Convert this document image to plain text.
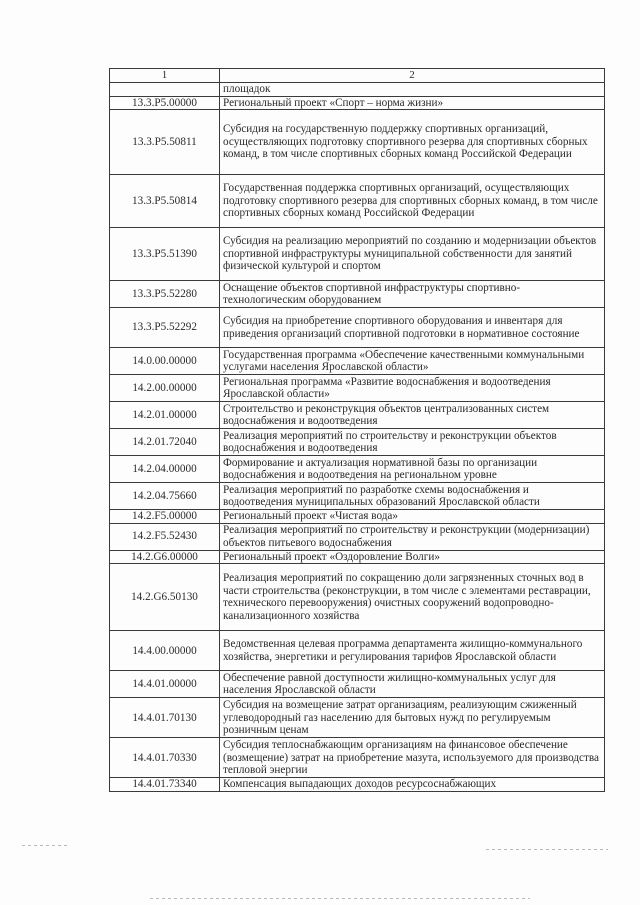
1	2
	площадок
13.3.P5.00000	Региональный проект «Спорт – норма жизни»
13.3.P5.50811	Субсидия на государственную поддержку спортивных организаций, осуществляющих подготовку спортивного резерва для спортивных сборных команд, в том числе спортивных сборных команд Российской Федерации
13.3.P5.50814	Государственная поддержка спортивных организаций, осуществляющих подготовку спортивного резерва для спортивных сборных команд, в том числе спортивных сборных команд Российской Федерации
13.3.P5.51390	Субсидия на реализацию мероприятий по созданию и модернизации объектов спортивной инфраструктуры муниципальной собственности для занятий физической культурой и спортом
13.3.P5.52280	Оснащение объектов спортивной инфраструктуры спортивно-технологическим оборудованием
13.3.P5.52292	Субсидия на приобретение спортивного оборудования и инвентаря для приведения организаций спортивной подготовки в нормативное состояние
14.0.00.00000	Государственная программа «Обеспечение качественными коммунальными услугами населения Ярославской области»
14.2.00.00000	Региональная программа «Развитие водоснабжения и водоотведения Ярославской области»
14.2.01.00000	Строительство и реконструкция объектов централизованных систем водоснабжения и водоотведения
14.2.01.72040	Реализация мероприятий по строительству и реконструкции объектов водоснабжения и водоотведения
14.2.04.00000	Формирование и актуализация нормативной базы по организации водоснабжения и водоотведения на региональном уровне
14.2.04.75660	Реализация мероприятий по разработке схемы водоснабжения и водоотведения муниципальных образований Ярославской области
14.2.F5.00000	Региональный проект «Чистая вода»
14.2.F5.52430	Реализация мероприятий по строительству и реконструкции (модернизации) объектов питьевого водоснабжения
14.2.G6.00000	Региональный проект «Оздоровление Волги»
14.2.G6.50130	Реализация мероприятий по сокращению доли загрязненных сточных вод в части строительства (реконструкции, в том числе с элементами реставрации, технического перевооружения) очистных сооружений водопроводно-канализационного хозяйства
14.4.00.00000	Ведомственная целевая программа департамента жилищно-коммунального хозяйства, энергетики и регулирования тарифов Ярославской области
14.4.01.00000	Обеспечение равной доступности жилищно-коммунальных услуг для населения Ярославской области
14.4.01.70130	Субсидия на возмещение затрат организациям, реализующим сжиженный углеводородный газ населению для бытовых нужд по регулируемым розничным ценам
14.4.01.70330	Субсидия теплоснабжающим организациям на финансовое обеспечение (возмещение) затрат на приобретение мазута, используемого для производства тепловой энергии
14.4.01.73340	Компенсация выпадающих доходов ресурсоснабжающих
